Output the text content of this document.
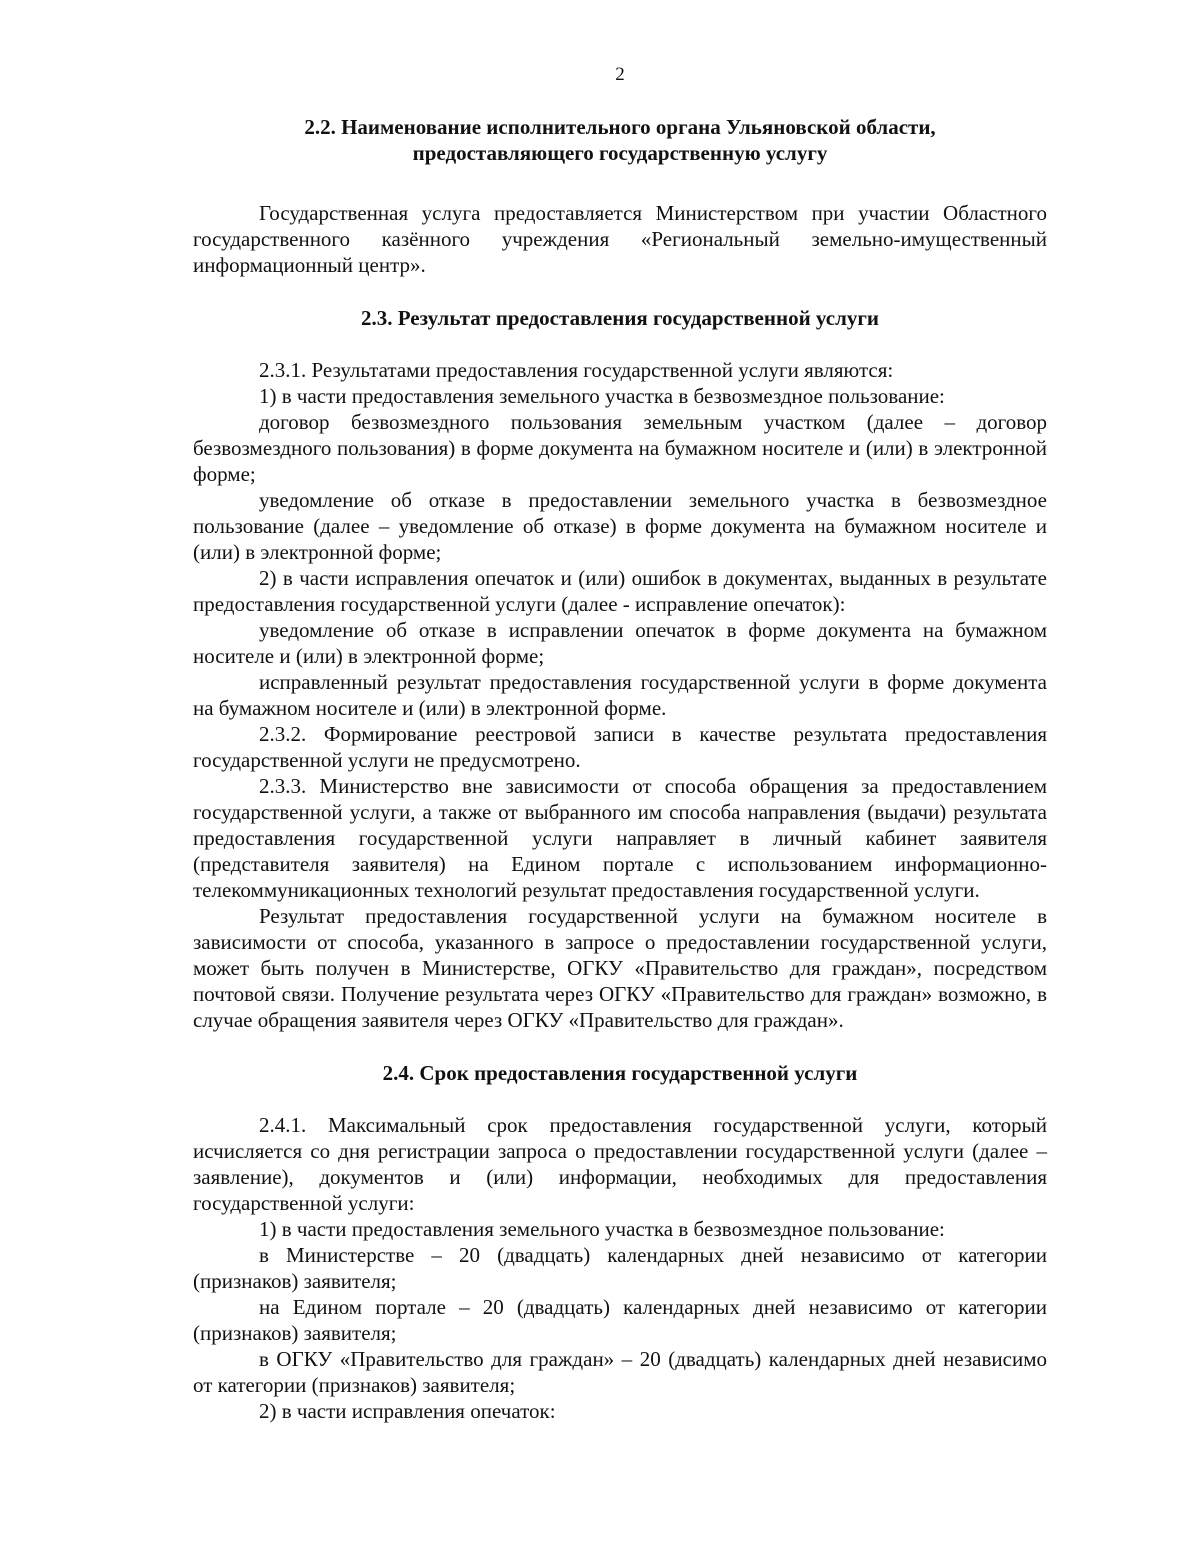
2
2.2. Наименование исполнительного органа Ульяновской области,
предоставляющего государственную услугу

Государственная услуга предоставляется Министерством при участии Областного государственного казённого учреждения «Региональный земельно-имущественный информационный центр».

2.3. Результат предоставления государственной услуги

2.3.1. Результатами предоставления государственной услуги являются:

1) в части предоставления земельного участка в безвозмездное пользование:

договор безвозмездного пользования земельным участком (далее – договор безвозмездного пользования) в форме документа на бумажном носителе и (или) в электронной форме;

уведомление об отказе в предоставлении земельного участка в безвозмездное пользование (далее – уведомление об отказе) в форме документа на бумажном носителе и (или) в электронной форме;

2) в части исправления опечаток и (или) ошибок в документах, выданных в результате предоставления государственной услуги (далее - исправление опечаток):

уведомление об отказе в исправлении опечаток в форме документа на бумажном носителе и (или) в электронной форме;

исправленный результат предоставления государственной услуги в форме документа на бумажном носителе и (или) в электронной форме.

2.3.2. Формирование реестровой записи в качестве результата предоставления государственной услуги не предусмотрено.

2.3.3. Министерство вне зависимости от способа обращения за предоставлением государственной услуги, а также от выбранного им способа направления (выдачи) результата предоставления государственной услуги направляет в личный кабинет заявителя (представителя заявителя) на Едином портале с использованием информационно-телекоммуникационных технологий результат предоставления государственной услуги.

Результат предоставления государственной услуги на бумажном носителе в зависимости от способа, указанного в запросе о предоставлении государственной услуги, может быть получен в Министерстве, ОГКУ «Правительство для граждан», посредством почтовой связи. Получение результата через ОГКУ «Правительство для граждан» возможно, в случае обращения заявителя через ОГКУ «Правительство для граждан».

2.4. Срок предоставления государственной услуги

2.4.1. Максимальный срок предоставления государственной услуги, который исчисляется со дня регистрации запроса о предоставлении государственной услуги (далее – заявление), документов и (или) информации, необходимых для предоставления государственной услуги:

1) в части предоставления земельного участка в безвозмездное пользование:

в Министерстве – 20 (двадцать) календарных дней независимо от категории (признаков) заявителя;

на Едином портале – 20 (двадцать) календарных дней независимо от категории (признаков) заявителя;

в ОГКУ «Правительство для граждан» – 20 (двадцать) календарных дней независимо от категории (признаков) заявителя;

2) в части исправления опечаток:
